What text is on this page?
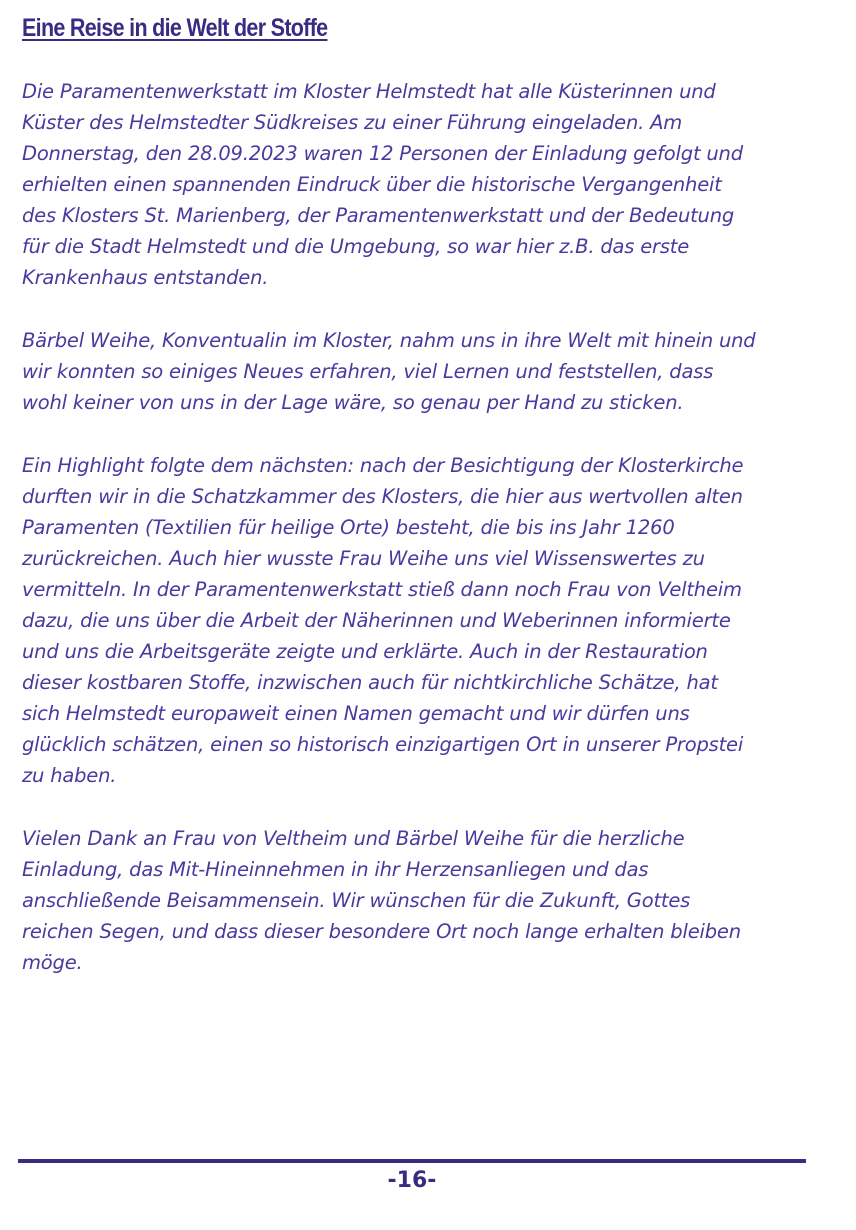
Eine Reise in die Welt der Stoffe

Die Paramentenwerkstatt im Kloster Helmstedt hat alle Küsterinnen und
Küster des Helmstedter Südkreises zu einer Führung eingeladen. Am
Donnerstag, den 28.09.2023 waren 12 Personen der Einladung gefolgt und
erhielten einen spannenden Eindruck über die historische Vergangenheit
des Klosters St. Marienberg, der Paramentenwerkstatt und der Bedeutung
für die Stadt Helmstedt und die Umgebung, so war hier z.B. das erste
Krankenhaus entstanden.

Bärbel Weihe, Konventualin im Kloster, nahm uns in ihre Welt mit hinein und
wir konnten so einiges Neues erfahren, viel Lernen und feststellen, dass
wohl keiner von uns in der Lage wäre, so genau per Hand zu sticken.

Ein Highlight folgte dem nächsten: nach der Besichtigung der Klosterkirche
durften wir in die Schatzkammer des Klosters, die hier aus wertvollen alten
Paramenten (Textilien für heilige Orte) besteht, die bis ins Jahr 1260
zurückreichen. Auch hier wusste Frau Weihe uns viel Wissenswertes zu
vermitteln. In der Paramentenwerkstatt stieß dann noch Frau von Veltheim
dazu, die uns über die Arbeit der Näherinnen und Weberinnen informierte
und uns die Arbeitsgeräte zeigte und erklärte. Auch in der Restauration
dieser kostbaren Stoffe, inzwischen auch für nichtkirchliche Schätze, hat
sich Helmstedt europaweit einen Namen gemacht und wir dürfen uns
glücklich schätzen, einen so historisch einzigartigen Ort in unserer Propstei
zu haben.

Vielen Dank an Frau von Veltheim und Bärbel Weihe für die herzliche
Einladung, das Mit-Hineinnehmen in ihr Herzensanliegen und das
anschließende Beisammensein. Wir wünschen für die Zukunft, Gottes
reichen Segen, und dass dieser besondere Ort noch lange erhalten bleiben
möge.

-16-
